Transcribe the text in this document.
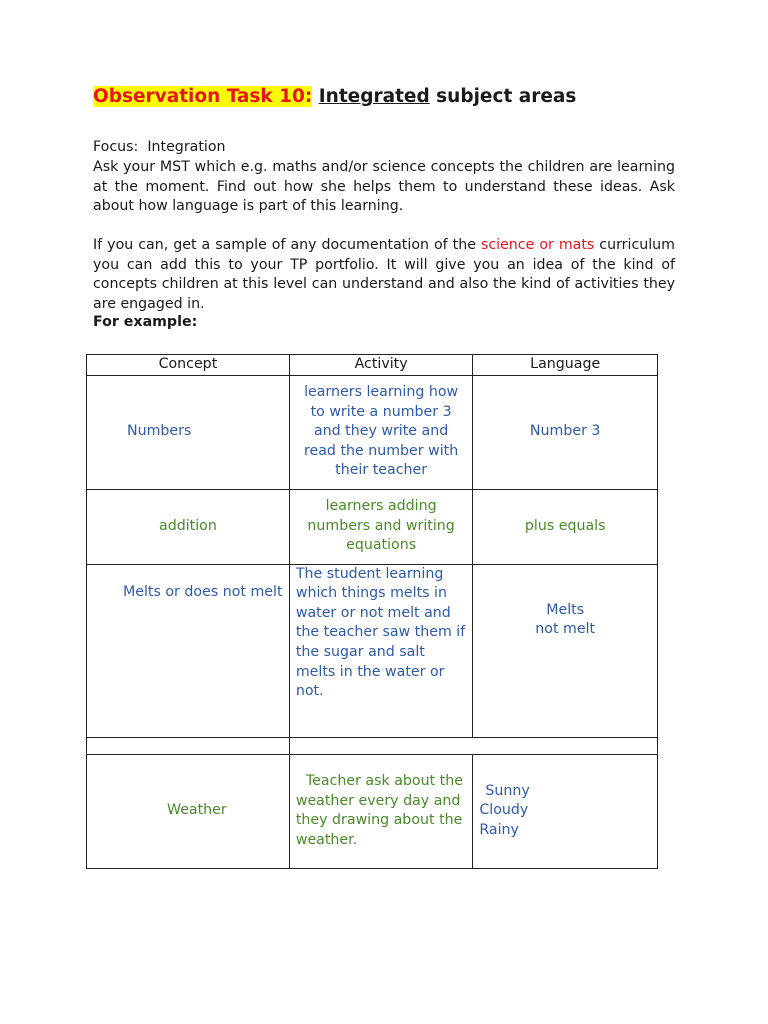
Observation Task 10: Integrated subject areas
Focus: Integration
Ask your MST which e.g. maths and/or science concepts the children are learning at the moment. Find out how she helps them to understand these ideas. Ask about how language is part of this learning.
If you can, get a sample of any documentation of the science or mats curriculum you can add this to your TP portfolio. It will give you an idea of the kind of concepts children at this level can understand and also the kind of activities they are engaged in.
For example:
Concept	Activity	Language
Numbers	learners learning how to write a number 3 and they write and read the number with their teacher	Number 3
addition	learners adding numbers and writing equations	plus equals
Melts or does not melt	The student learning which things melts in water or not melt and the teacher saw them if the sugar and salt melts in the water or not.	Melts
not melt

Weather	Teacher ask about the weather every day and they drawing about the weather.	Sunny
Cloudy
Rainy
